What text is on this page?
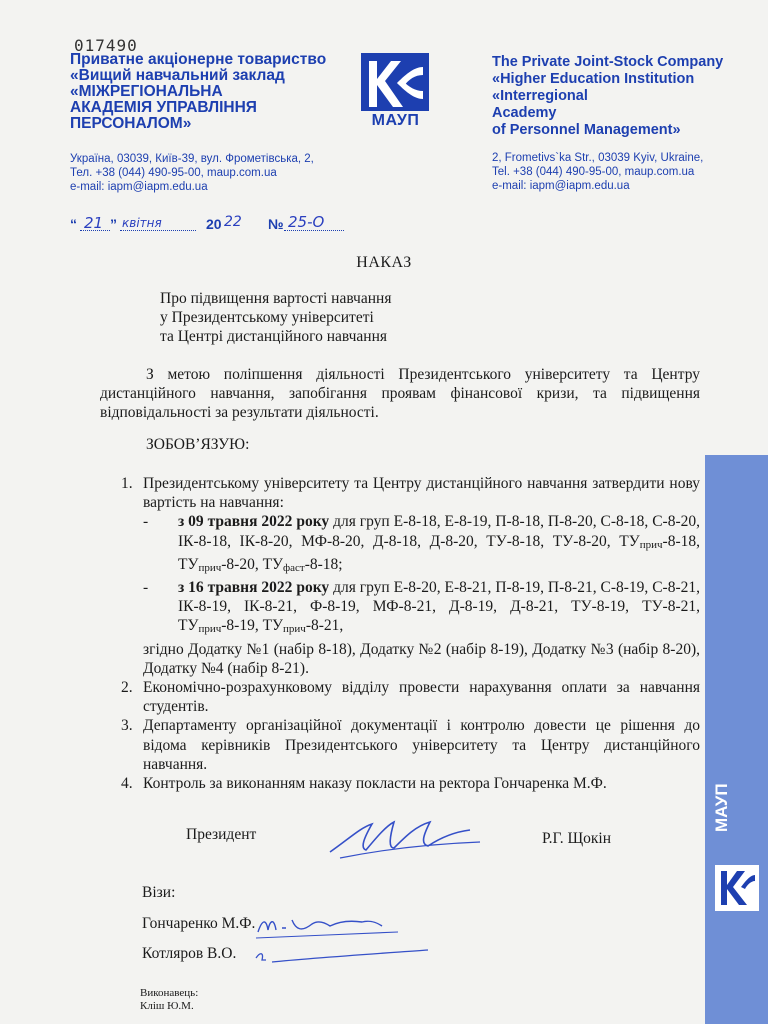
017490
Приватне акціонерне товариство
«Вищий навчальний заклад
«МІЖРЕГІОНАЛЬНА
АКАДЕМІЯ УПРАВЛІННЯ
ПЕРСОНАЛОМ»	МАУП
The Private Joint-Stock Company
«Higher Education Institution
«Interregional
Academy
of Personnel Management»
Україна, 03039, Київ-39, вул. Фрометівська, 2,
Тел. +38 (044) 490-95-00, maup.com.ua
e-mail: iapm@iapm.edu.ua
2, Frometivs`ka Str., 03039 Kyiv, Ukraine,
Tel. +38 (044) 490-95-00, maup.com.ua
e-mail: iapm@iapm.edu.ua
“ 21 ” квітня	20 22 № 25-О
НАКАЗ
Про підвищення вартості навчання
у Президентському університеті
та Центрі дистанційного навчання
З метою поліпшення діяльності Президентського університету та Центру дистанційного навчання, запобігання проявам фінансової кризи, та підвищення відповідальності за результати діяльності.
ЗОБОВ’ЯЗУЮ:
1. Президентському університету та Центру дистанційного навчання затвердити нову вартість на навчання:
- з 09 травня 2022 року для груп Е-8-18, Е-8-19, П-8-18, П-8-20, С-8-18, С-8-20, ІК-8-18, ІК-8-20, МФ-8-20, Д-8-18, Д-8-20, ТУ-8-18, ТУ-8-20, $ТУ_{прич}-8-18$, $ТУ_{прич}-8-20$, $ТУ_{фаст}-8-18$;
- з 16 травня 2022 року для груп Е-8-20, Е-8-21, П-8-19, П-8-21, С-8-19, С-8-21, ІК-8-19, ІК-8-21, Ф-8-19, МФ-8-21, Д-8-19, Д-8-21, ТУ-8-19, ТУ-8-21, $ТУ_{прич}-8-19$, $ТУ_{прич}-8-21$,
згідно Додатку №1 (набір 8-18), Додатку №2 (набір 8-19), Додатку №3 (набір 8-20), Додатку №4 (набір 8-21).
2. Економічно-розрахунковому відділу провести нарахування оплати за навчання студентів.
3. Департаменту організаційної документації і контролю довести це рішення до відома керівників Президентського університету та Центру дистанційного навчання.
4. Контроль за виконанням наказу покласти на ректора Гончаренка М.Ф.
Президент	Р.Г. Щокін
Візи:
Гончаренко М.Ф.
Котляров В.О.
Виконавець:
Кліш Ю.М.
МАУП
